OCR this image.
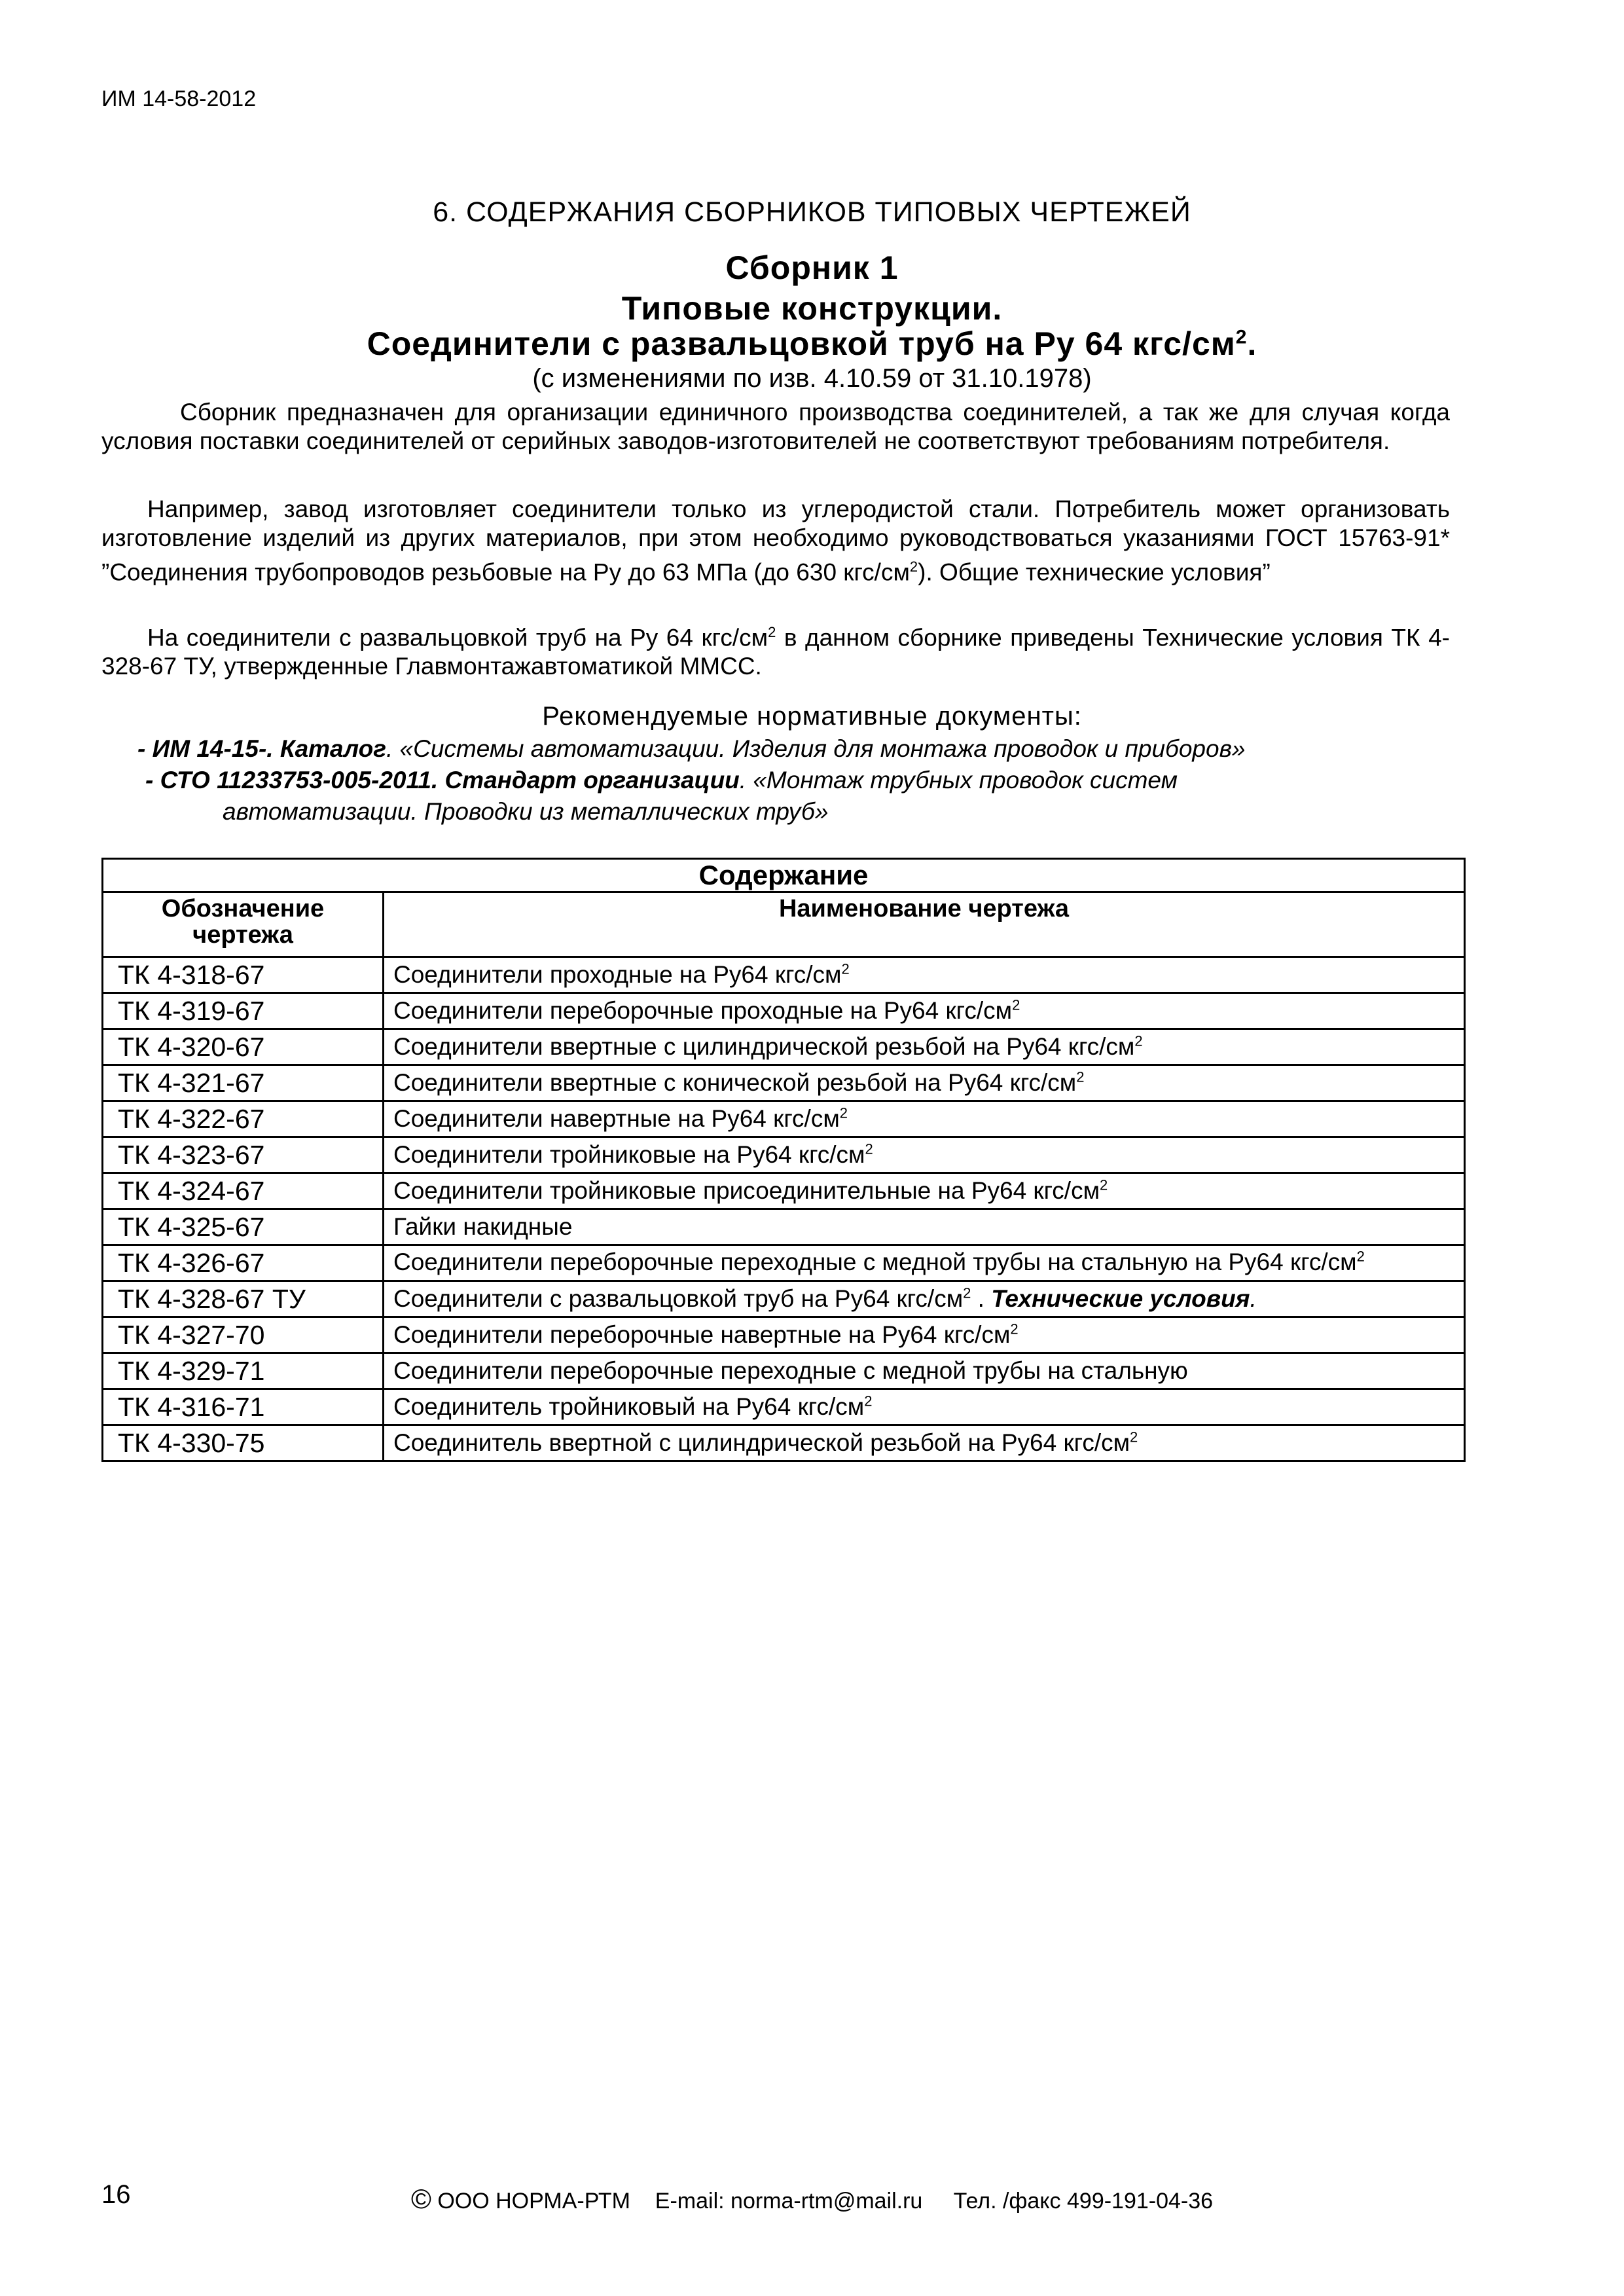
ИМ 14-58-2012
6. СОДЕРЖАНИЯ СБОРНИКОВ ТИПОВЫХ ЧЕРТЕЖЕЙ
Сборник 1
Типовые конструкции.
Соединители с развальцовкой труб на Ру 64 кгс/$см^2$.
(с изменениями по изв. 4.10.59 от 31.10.1978)
Сборник предназначен для организации единичного производства соединителей, а так же для случая когда условия поставки соединителей от серийных заводов-изготовителей не соответствуют требованиям потребителя.
Например, завод изготовляет соединители только из углеродистой стали. Потребитель может организовать изготовление изделий из других материалов, при этом необходимо руководствоваться указаниями ГОСТ 15763-91* ”Соединения трубопроводов резьбовые на Ру до 63 МПа (до 630 кгс/$см^2$). Общие технические условия”
На соединители с развальцовкой труб на Ру 64 кгс/$см^2$ в данном сборнике приведены Технические условия ТК 4-328-67 ТУ, утвержденные Главмонтажавтоматикой ММСС.
Рекомендуемые нормативные документы:
- ИМ 14-15-. Каталог. «Системы автоматизации. Изделия для монтажа проводок и приборов»
- СТО 11233753-005-2011. Стандарт организации. «Монтаж трубных проводок систем
автоматизации. Проводки из металлических труб»
Содержание	
Обозначение чертежа	Наименование чертежа
ТК 4-318-67	Соединители проходные на Ру64 кгс/$см^2$
ТК 4-319-67	Соединители переборочные проходные на Ру64 кгс/$см^2$
ТК 4-320-67	Соединители ввертные с цилиндрической резьбой на Ру64 кгс/$см^2$
ТК 4-321-67	Соединители ввертные с конической резьбой на Ру64 кгс/$см^2$
ТК 4-322-67	Соединители навертные на Ру64 кгс/$см^2$
ТК 4-323-67	Соединители тройниковые на Ру64 кгс/$см^2$
ТК 4-324-67	Соединители тройниковые присоединительные на Ру64 кгс/$см^2$
ТК 4-325-67	Гайки накидные
ТК 4-326-67	Соединители переборочные переходные с медной трубы на стальную на Ру64 кгс/$см^2$
ТК 4-328-67 ТУ	Соединители с развальцовкой труб на Ру64 кгс/$см^2$ . Технические условия.
ТК 4-327-70	Соединители переборочные навертные на Ру64 кгс/$см^2$
ТК 4-329-71	Соединители переборочные переходные с медной трубы на стальную
ТК 4-316-71	Соединитель тройниковый на Ру64 кгс/$см^2$
ТК 4-330-75	Соединитель ввертной с цилиндрической резьбой на Ру64 кгс/$см^2$
16	© ООО НОРМА-РТМ E-mail: norma-rtm@mail.ru Тел. /факс 499-191-04-36
